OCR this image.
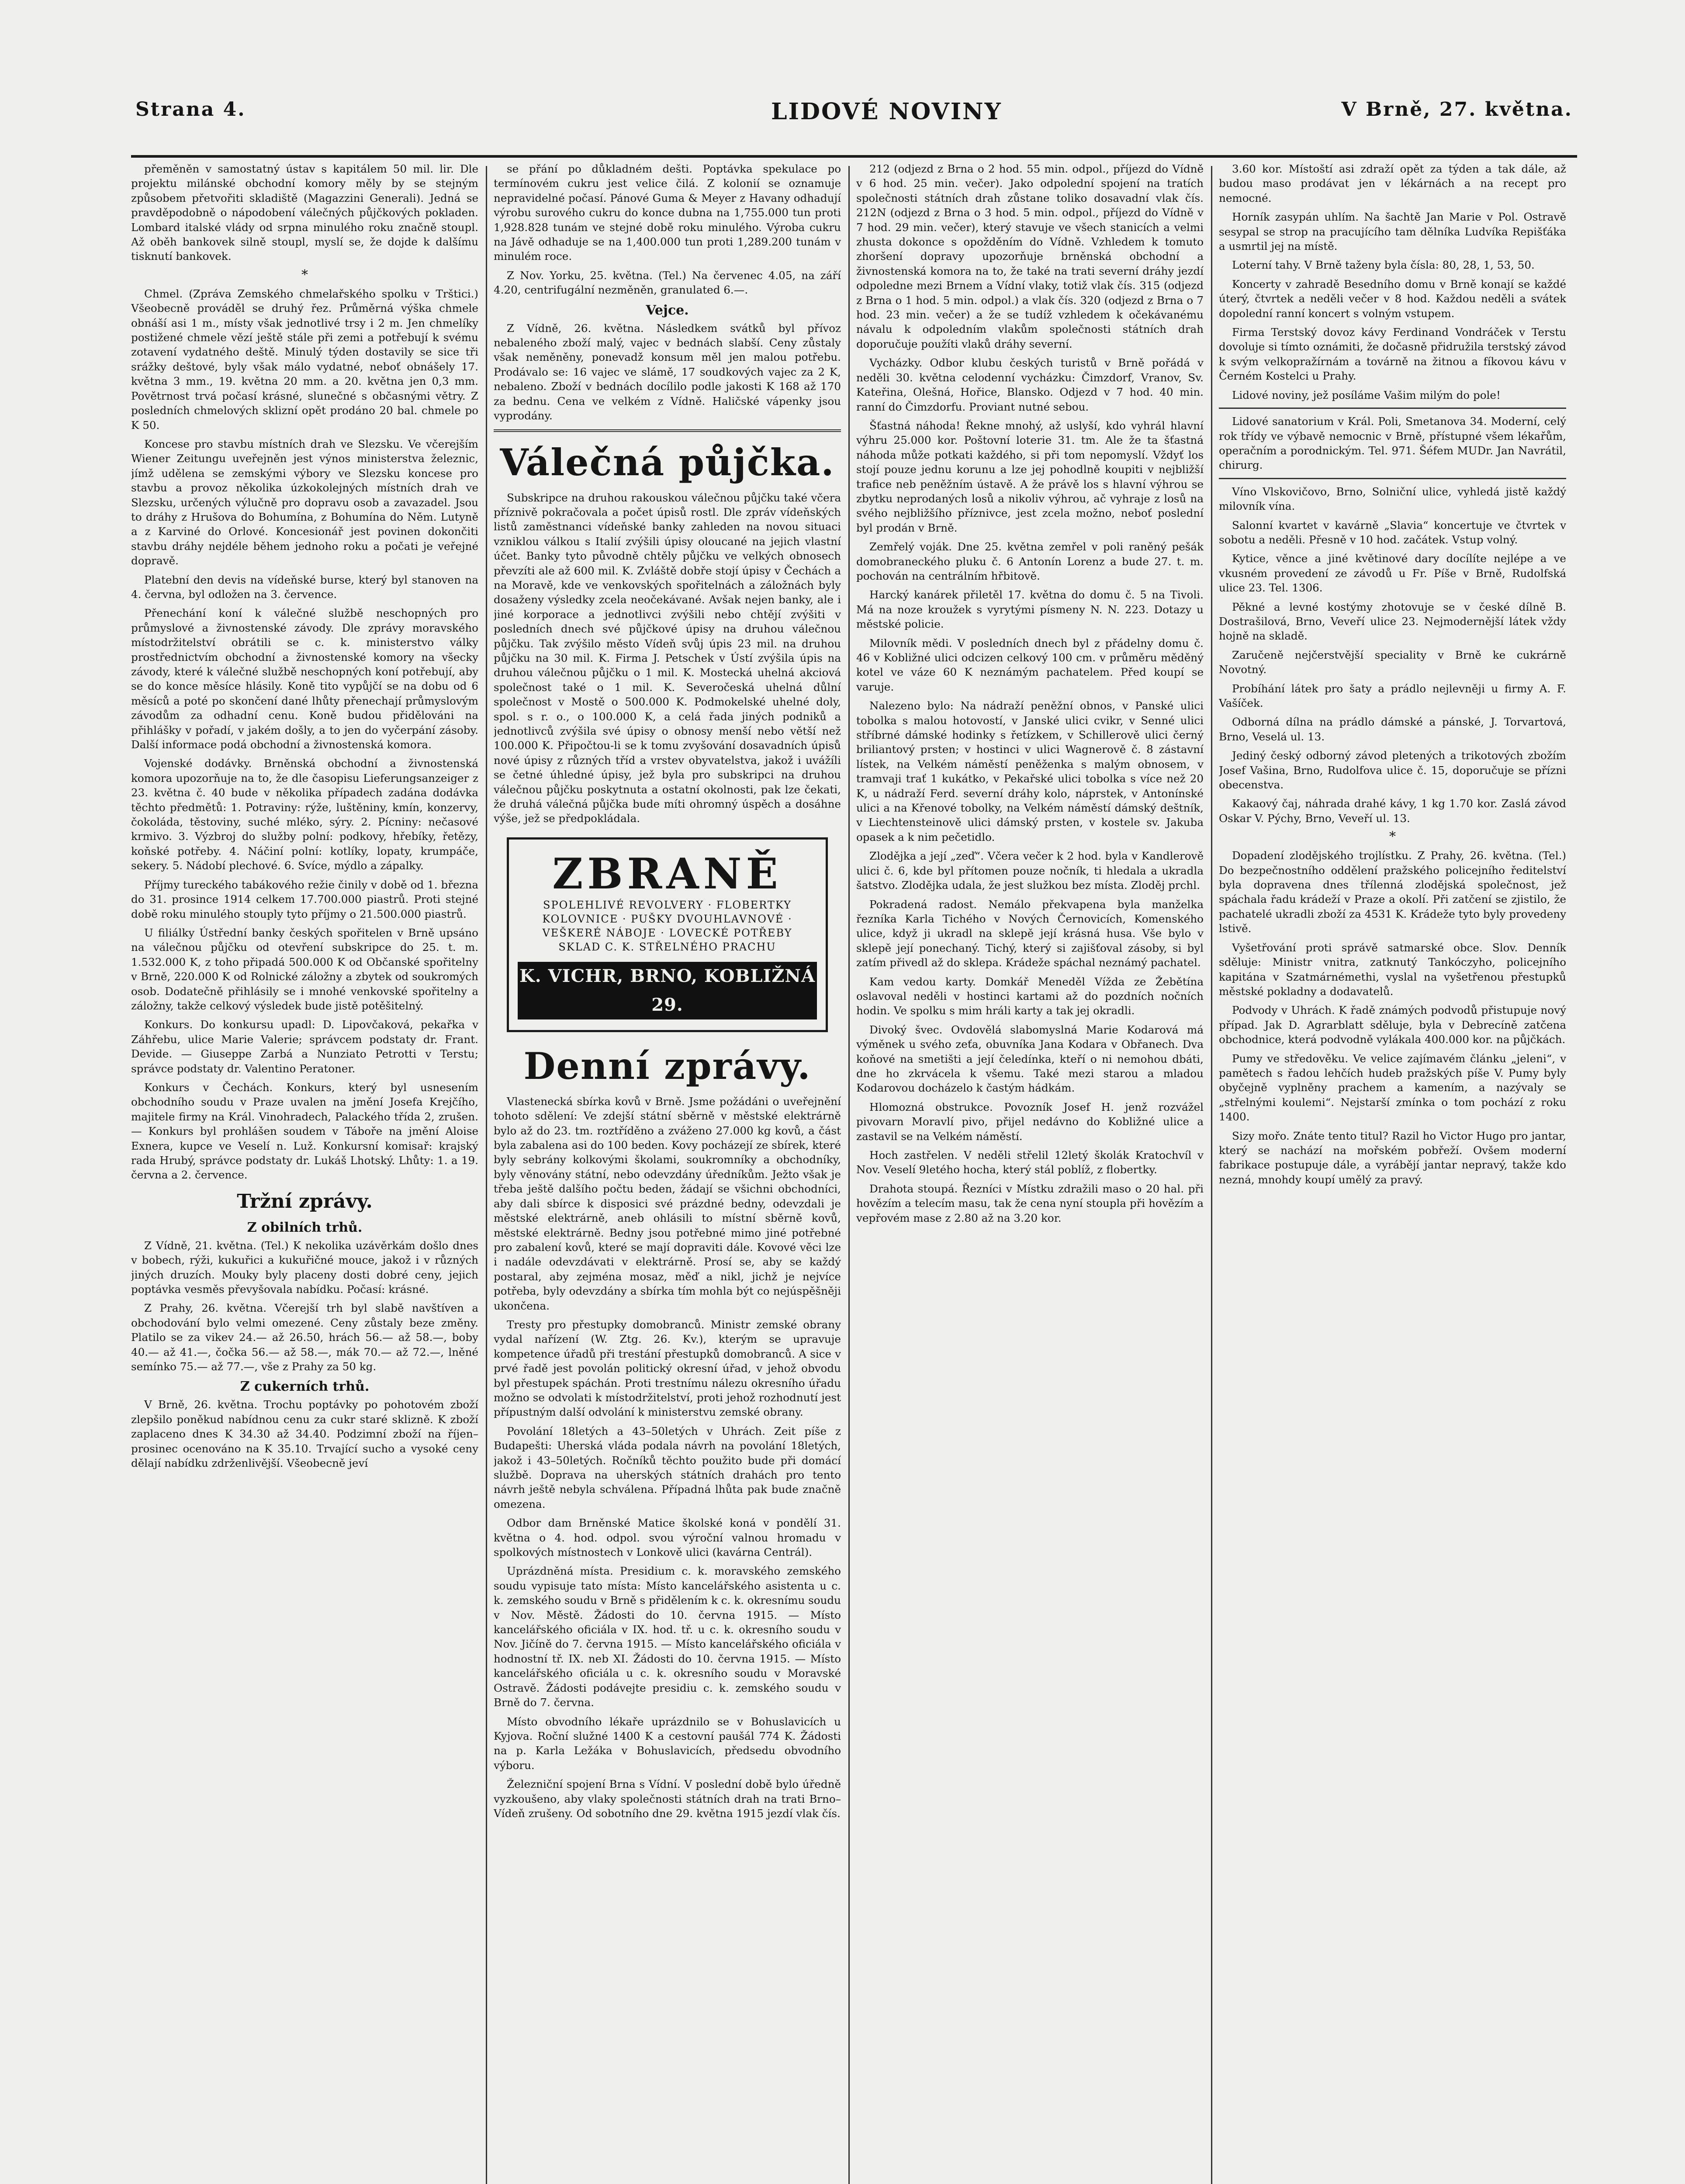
Strana 4.	LIDOVÉ NOVINY	V Brně, 27. května.

přeměněn v samostatný ústav s kapitálem 50 mil. lir. Dle projektu milánské obchodní komory měly by se stejným způsobem přetvořiti skladiště (Magazzini Generali). Jedná se pravděpodobně o nápodobení válečných půjčkových pokladen. Lombard italské vlády od srpna minulého roku značně stoupl. Až oběh bankovek silně stoupl, myslí se, že dojde k dalšímu tisknutí bankovek.

*

Chmel. (Zpráva Zemského chmelařského spolku v Trštici.) Všeobecně prováděl se druhý řez. Průměrná výška chmele obnáší asi 1 m., místy však jednotlivé trsy i 2 m. Jen chmelíky postižené chmele vězí ještě stále při zemi a potřebují k svému zotavení vydatného deště. Minulý týden dostavily se sice tři srážky deštové, byly však málo vydatné, neboť obnášely 17. května 3 mm., 19. května 20 mm. a 20. května jen 0,3 mm. Povětrnost trvá počasí krásné, slunečné s občasnými větry. Z posledních chmelových sklizní opět prodáno 20 bal. chmele po K 50.

Koncese pro stavbu místních drah ve Slezsku. Ve včerejším Wiener Zeitungu uveřejněn jest výnos ministerstva železnic, jímž udělena se zemskými výbory ve Slezsku koncese pro stavbu a provoz několika úzkokolejných místních drah ve Slezsku, určených výlučně pro dopravu osob a zavazadel. Jsou to dráhy z Hrušova do Bohumína, z Bohumína do Něm. Lutyně a z Karviné do Orlové. Koncesionář jest povinen dokončiti stavbu dráhy nejdéle během jednoho roku a počati je veřejné dopravě.

Platební den devis na vídeňské burse, který byl stanoven na 4. června, byl odložen na 3. července.

Přenechání koní k válečné službě neschopných pro průmyslové a živnostenské závody. Dle zprávy moravského místodržitelství obrátili se c. k. ministerstvo války prostřednictvím obchodní a živnostenské komory na všecky závody, které k válečné službě neschopných koní potřebují, aby se do konce měsíce hlásily. Koně tito vypůjčí se na dobu od 6 měsíců a poté po skončení dané lhůty přenechají průmyslovým závodům za odhadní cenu. Koně budou přidělováni na přihlášky v pořadí, v jakém došly, a to jen do vyčerpání zásoby. Další informace podá obchodní a živnostenská komora.

Vojenské dodávky. Brněnská obchodní a živnostenská komora upozorňuje na to, že dle časopisu Lieferungsanzeiger z 23. května č. 40 bude v několika případech zadána dodávka těchto předmětů: 1. Potraviny: rýže, luštěniny, kmín, konzervy, čokoláda, těstoviny, suché mléko, sýry. 2. Pícniny: nečasové krmivo. 3. Výzbroj do služby polní: podkovy, hřebíky, řetězy, koňské potřeby. 4. Náčiní polní: kotlíky, lopaty, krumpáče, sekery. 5. Nádobí plechové. 6. Svíce, mýdlo a zápalky.

Příjmy tureckého tabákového režie činily v době od 1. března do 31. prosince 1914 celkem 17.700.000 piastrů. Proti stejné době roku minulého stouply tyto příjmy o 21.500.000 piastrů.

U filiálky Ústřední banky českých spořitelen v Brně upsáno na válečnou půjčku od otevření subskripce do 25. t. m. 1.532.000 K, z toho připadá 500.000 K od Občanské spořitelny v Brně, 220.000 K od Rolnické záložny a zbytek od soukromých osob. Dodatečně přihlásily se i mnohé venkovské spořitelny a záložny, takže celkový výsledek bude jistě potěšitelný.

Konkurs. Do konkursu upadl: D. Lipovčaková, pekařka v Záhřebu, ulice Marie Valerie; správcem podstaty dr. Frant. Devide. — Giuseppe Zarbá a Nunziato Petrotti v Terstu; správce podstaty dr. Valentino Peratoner.

Konkurs v Čechách. Konkurs, který byl usnesením obchodního soudu v Praze uvalen na jmění Josefa Krejčího, majitele firmy na Král. Vinohradech, Palackého třída 2, zrušen. — Konkurs byl prohlášen soudem v Táboře na jmění Aloise Exnera, kupce ve Veselí n. Luž. Konkursní komisař: krajský rada Hrubý, správce podstaty dr. Lukáš Lhotský. Lhůty: 1. a 19. června a 2. července.

Tržní zprávy.
Z obilních trhů.

Z Vídně, 21. května. (Tel.) K nekolika uzávěrkám došlo dnes v bobech, rýži, kukuřici a kukuřičné mouce, jakož i v různých jiných druzích. Mouky byly placeny dosti dobré ceny, jejich poptávka vesměs převyšovala nabídku. Počasí: krásné.

Z Prahy, 26. května. Včerejší trh byl slabě navštíven a obchodování bylo velmi omezené. Ceny zůstaly beze změny. Platilo se za vikev 24.— až 26.50, hrách 56.— až 58.—, boby 40.— až 41.—, čočka 56.— až 58.—, mák 70.— až 72.—, lněné semínko 75.— až 77.—, vše z Prahy za 50 kg.

Z cukerních trhů.

V Brně, 26. května. Trochu poptávky po pohotovém zboží zlepšilo poněkud nabídnou cenu za cukr staré sklizně. K zboží zaplaceno dnes K 34.30 až 34.40. Podzimní zboží na říjen–prosinec ocenováno na K 35.10. Trvající sucho a vysoké ceny dělají nabídku zdrženlivější. Všeobecně jeví

se přání po důkladném dešti. Poptávka spekulace po termínovém cukru jest velice čilá. Z kolonií se oznamuje nepravidelné počasí. Pánové Guma & Meyer z Havany odhadují výrobu surového cukru do konce dubna na 1,755.000 tun proti 1,928.828 tunám ve stejné době roku minulého. Výroba cukru na Jávě odhaduje se na 1,400.000 tun proti 1,289.200 tunám v minulém roce.

Z Nov. Yorku, 25. května. (Tel.) Na červenec 4.05, na září 4.20, centrifugální nezměněn, granulated 6.—.

Vejce.

Z Vídně, 26. května. Následkem svátků byl přívoz nebaleného zboží malý, vajec v bednách slabší. Ceny zůstaly však neměněny, ponevadž konsum měl jen malou potřebu. Prodávalo se: 16 vajec ve slámě, 17 soudkových vajec za 2 K, nebaleno. Zboží v bednách docílilo podle jakosti K 168 až 170 za bednu. Cena ve velkém z Vídně. Haličské vápenky jsou vyprodány.

Válečná půjčka.

Subskripce na druhou rakouskou válečnou půjčku také včera příznivě pokračovala a počet úpisů rostl. Dle zpráv vídeňských listů zaměstnanci vídeňské banky zahleden na novou situaci vzniklou válkou s Italií zvýšili úpisy oloucané na jejich vlastní účet. Banky tyto původně chtěly půjčku ve velkých obnosech převzíti ale až 600 mil. K. Zvláště dobře stojí úpisy v Čechách a na Moravě, kde ve venkovských spořitelnách a záložnách byly dosaženy výsledky zcela neočekávané. Avšak nejen banky, ale i jiné korporace a jednotlivci zvýšili nebo chtějí zvýšiti v posledních dnech své půjčkové úpisy na druhou válečnou půjčku. Tak zvýšilo město Vídeň svůj úpis 23 mil. na druhou půjčku na 30 mil. K. Firma J. Petschek v Ústí zvýšila úpis na druhou válečnou půjčku o 1 mil. K. Mostecká uhelná akciová společnost také o 1 mil. K. Severočeská uhelná důlní společnost v Mostě o 500.000 K. Podmokelské uhelné doly, spol. s r. o., o 100.000 K, a celá řada jiných podniků a jednotlivců zvýšila své úpisy o obnosy menší nebo větší než 100.000 K. Připočtou-li se k tomu zvyšování dosavadních úpisů nové úpisy z různých tříd a vrstev obyvatelstva, jakož i uvážíli se četné úhledné úpisy, jež byla pro subskripci na druhou válečnou půjčku poskytnuta a ostatní okolnosti, pak lze čekati, že druhá válečná půjčka bude míti ohromný úspěch a dosáhne výše, jež se předpokládala.

ZBRANĚ
SPOLEHLIVÉ REVOLVERY · FLOBERTKY
KOLOVNICE · PUŠKY DVOUHLAVNOVÉ ·
VEŠKERÉ NÁBOJE · LOVECKÉ POTŘEBY
SKLAD C. K. STŘELNÉHO PRACHU
K. VICHR, BRNO, KOBLIŽNÁ 29.
Denní zprávy.

Vlastenecká sbírka kovů v Brně. Jsme požádáni o uveřejnění tohoto sdělení: Ve zdejší státní sběrně v městské elektrárně bylo až do 23. tm. roztříděno a zváženo 27.000 kg kovů, a část byla zabalena asi do 100 beden. Kovy pocházejí ze sbírek, které byly sebrány kolkovými školami, soukromníky a obchodníky, byly věnovány státní, nebo odevzdány úředníkům. Ježto však je třeba ještě dalšího počtu beden, žádají se všichni obchodníci, aby dali sbírce k disposici své prázdné bedny, odevzdali je městské elektrárně, aneb ohlásili to místní sběrně kovů, městské elektrárně. Bedny jsou potřebné mimo jiné potřebné pro zabalení kovů, které se mají dopraviti dále. Kovové věci lze i nadále odevzdávati v elektrárně. Prosí se, aby se každý postaral, aby zejména mosaz, měď a nikl, jichž je nejvíce potřeba, byly odevzdány a sbírka tím mohla být co nejúspěšněji ukončena.

Tresty pro přestupky domobranců. Ministr zemské obrany vydal nařízení (W. Ztg. 26. Kv.), kterým se upravuje kompetence úřadů při trestání přestupků domobranců. A sice v prvé řadě jest povolán politický okresní úřad, v jehož obvodu byl přestupek spáchán. Proti trestnímu nálezu okresního úřadu možno se odvolati k místodržitelství, proti jehož rozhodnutí jest přípustným další odvolání k ministerstvu zemské obrany.

Povolání 18letých a 43–50letých v Uhrách. Zeit píše z Budapešti: Uherská vláda podala návrh na povolání 18letých, jakož i 43–50letých. Ročníků těchto použito bude při domácí službě. Doprava na uherských státních drahách pro tento návrh ještě nebyla schválena. Případná lhůta pak bude značně omezena.

Odbor dam Brněnské Matice školské koná v pondělí 31. května o 4. hod. odpol. svou výroční valnou hromadu v spolkových místnostech v Lonkově ulici (kavárna Centrál).

Uprázdněná místa. Presidium c. k. moravského zemského soudu vypisuje tato místa: Místo kancelářského asistenta u c. k. zemského soudu v Brně s přidělením k c. k. okresnímu soudu v Nov. Městě. Žádosti do 10. června 1915. — Místo kancelářského oficiála v IX. hod. tř. u c. k. okresního soudu v Nov. Jičíně do 7. června 1915. — Místo kancelářského oficiála v hodnostní tř. IX. neb XI. Žádosti do 10. června 1915. — Místo kancelářského oficiála u c. k. okresního soudu v Moravské Ostravě. Žádosti podávejte presidiu c. k. zemského soudu v Brně do 7. června.

Místo obvodního lékaře uprázdnilo se v Bohuslavicích u Kyjova. Roční služné 1400 K a cestovní paušál 774 K. Žádosti na p. Karla Ležáka v Bohuslavicích, předsedu obvodního výboru.

Železniční spojení Brna s Vídní. V poslední době bylo úředně vyzkoušeno, aby vlaky společnosti státních drah na trati Brno–Vídeň zrušeny. Od sobotního dne 29. května 1915 jezdí vlak čís.

212 (odjezd z Brna o 2 hod. 55 min. odpol., příjezd do Vídně v 6 hod. 25 min. večer). Jako odpolední spojení na tratích společnosti státních drah zůstane toliko dosavadní vlak čís. 212N (odjezd z Brna o 3 hod. 5 min. odpol., příjezd do Vídně v 7 hod. 29 min. večer), který stavuje ve všech stanicích a velmi zhusta dokonce s opožděním do Vídně. Vzhledem k tomuto zhoršení dopravy upozorňuje brněnská obchodní a živnostenská komora na to, že také na trati severní dráhy jezdí odpoledne mezi Brnem a Vídní vlaky, totiž vlak čís. 315 (odjezd z Brna o 1 hod. 5 min. odpol.) a vlak čís. 320 (odjezd z Brna o 7 hod. 23 min. večer) a že se tudíž vzhledem k očekávanému návalu k odpoledním vlakům společnosti státních drah doporučuje použíti vlaků dráhy severní.

Vycházky. Odbor klubu českých turistů v Brně pořádá v neděli 30. května celodenní vycházku: Čimzdorf, Vranov, Sv. Kateřina, Olešná, Hořice, Blansko. Odjezd v 7 hod. 40 min. ranní do Čimzdorfu. Proviant nutné sebou.

Šťastná náhoda! Řekne mnohý, až uslyší, kdo vyhrál hlavní výhru 25.000 kor. Poštovní loterie 31. tm. Ale že ta šťastná náhoda může potkati každého, si při tom nepomyslí. Vždyť los stojí pouze jednu korunu a lze jej pohodlně koupiti v nejbližší trafice neb peněžním ústavě. A že právě los s hlavní výhrou se zbytku neprodaných losů a nikoliv výhrou, ač vyhraje z losů na svého nejbližšího příznivce, jest zcela možno, neboť poslední byl prodán v Brně.

Zemřelý voják. Dne 25. května zemřel v poli raněný pešák domobraneckého pluku č. 6 Antonín Lorenz a bude 27. t. m. pochován na centrálním hřbitově.

Harcký kanárek přiletěl 17. května do domu č. 5 na Tivoli. Má na noze kroužek s vyrytými písmeny N. N. 223. Dotazy u městské policie.

Milovník mědi. V posledních dnech byl z přádelny domu č. 46 v Kobližné ulici odcizen celkový 100 cm. v průměru měděný kotel ve váze 60 K neznámým pachatelem. Před koupí se varuje.

Nalezeno bylo: Na nádraží peněžní obnos, v Panské ulici tobolka s malou hotovostí, v Janské ulici cvikr, v Senné ulici stříbrné dámské hodinky s řetízkem, v Schillerově ulici černý briliantový prsten; v hostinci v ulici Wagnerově č. 8 zástavní lístek, na Velkém náměstí peněženka s malým obnosem, v tramvaji trať 1 kukátko, v Pekařské ulici tobolka s více než 20 K, u nádraží Ferd. severní dráhy kolo, náprstek, v Antonínské ulici a na Křenové tobolky, na Velkém náměstí dámský deštník, v Liechtensteinově ulici dámský prsten, v kostele sv. Jakuba opasek a k nim pečetidlo.

Zlodějka a její „zeď“. Včera večer k 2 hod. byla v Kandlerově ulici č. 6, kde byl přítomen pouze nočník, ti hledala a ukradla šatstvo. Zlodějka udala, že jest služkou bez místa. Zloděj prchl.

Pokradená radost. Nemálo překvapena byla manželka řezníka Karla Tichého v Nových Černovicích, Komenského ulice, když ji ukradl na sklepě její krásná husa. Vše bylo v sklepě její ponechaný. Tichý, který si zajišťoval zásoby, si byl zatím přivedl až do sklepa. Krádeže spáchal neznámý pachatel.

Kam vedou karty. Domkář Meneděl Vížda ze Žebětína oslavoval neděli v hostinci kartami až do pozdních nočních hodin. Ve spolku s mim hráli karty a tak jej okradli.

Divoký švec. Ovdovělá slabomyslná Marie Kodarová má výměnek u svého zeťa, obuvníka Jana Kodara v Obřanech. Dva koňové na smetišti a její čeledínka, kteří o ni nemohou dbáti, dne ho zkrvácela k všemu. Také mezi starou a mladou Kodarovou docházelo k častým hádkám.

Hlomozná obstrukce. Povozník Josef H. jenž rozvážel pivovarn Moravlí pivo, přijel nedávno do Kobližné ulice a zastavil se na Velkém náměstí.

Hoch zastřelen. V neděli střelil 12letý školák Kratochvíl v Nov. Veselí 9letého hocha, který stál poblíž, z flobertky.

Drahota stoupá. Řezníci v Místku zdražili maso o 20 hal. při hovězím a telecím masu, tak že cena nyní stoupla při hovězím a vepřovém mase z 2.80 až na 3.20 kor.

3.60 kor. Místoští asi zdraží opět za týden a tak dále, až budou maso prodávat jen v lékárnách a na recept pro nemocné.

Horník zasypán uhlím. Na šachtě Jan Marie v Pol. Ostravě sesypal se strop na pracujícího tam dělníka Ludvíka Repišťáka a usmrtil jej na místě.

Loterní tahy. V Brně taženy byla čísla: 80, 28, 1, 53, 50.

Koncerty v zahradě Besedního domu v Brně konají se každé úterý, čtvrtek a neděli večer v 8 hod. Každou neděli a svátek dopolední ranní koncert s volným vstupem.

Firma Terstský dovoz kávy Ferdinand Vondráček v Terstu dovoluje si tímto oznámiti, že dočasně přidružila terstský závod k svým velkopražírnám a továrně na žitnou a fíkovou kávu v Černém Kostelci u Prahy.

Lidové noviny, jež posíláme Vašim milým do pole!

Lidové sanatorium v Král. Poli, Smetanova 34. Moderní, celý rok třídy ve výbavě nemocnic v Brně, přístupné všem lékařům, operačním a porodnickým. Tel. 971. Šéfem MUDr. Jan Navrátil, chirurg.

Víno Vlskovičovo, Brno, Solniční ulice, vyhledá jistě každý milovník vína.

Salonní kvartet v kavárně „Slavia“ koncertuje ve čtvrtek v sobotu a neděli. Přesně v 10 hod. začátek. Vstup volný.

Kytice, věnce a jiné květinové dary docílíte nejlépe a ve vkusném provedení ze závodů u Fr. Píše v Brně, Rudolfská ulice 23. Tel. 1306.

Pěkné a levné kostýmy zhotovuje se v české dílně B. Dostrašilová, Brno, Veveří ulice 23. Nejmodernější látek vždy hojně na skladě.

Zaručeně nejčerstvější speciality v Brně ke cukrárně Novotný.

Probíhání látek pro šaty a prádlo nejlevněji u firmy A. F. Vašíček.

Odborná dílna na prádlo dámské a pánské, J. Torvartová, Brno, Veselá ul. 13.

Jediný český odborný závod pletených a trikotových zbožím Josef Vašina, Brno, Rudolfova ulice č. 15, doporučuje se přízni obecenstva.

Kakaový čaj, náhrada drahé kávy, 1 kg 1.70 kor. Zaslá závod Oskar V. Pýchy, Brno, Veveří ul. 13.

*

Dopadení zlodějského trojlístku. Z Prahy, 26. května. (Tel.) Do bezpečnostního oddělení pražského policejního ředitelství byla dopravena dnes třílenná zlodějská společnost, jež spáchala řadu krádeží v Praze a okolí. Při zatčení se zjistilo, že pachatelé ukradli zboží za 4531 K. Krádeže tyto byly provedeny lstivě.

Vyšetřování proti správě satmarské obce. Slov. Denník sděluje: Ministr vnitra, zatknutý Tankóczyho, policejního kapitána v Szatmárnémethi, vyslal na vyšetřenou přestupků městské pokladny a dodavatelů.

Podvody v Uhrách. K řadě známých podvodů přistupuje nový případ. Jak D. Agrarblatt sděluje, byla v Debrecíně zatčena obchodnice, která podvodně vylákala 400.000 kor. na půjčkách.

Pumy ve středověku. Ve velice zajímavém článku „jeleni“, v pamětech s řadou lehčích hudeb pražských píše V. Pumy byly obyčejně vyplněny prachem a kamením, a nazývaly se „střelnými koulemi“. Nejstarší zmínka o tom pochází z roku 1400.

Sizy mořo. Znáte tento titul? Razil ho Victor Hugo pro jantar, který se nachází na mořském pobřeží. Ovšem moderní fabrikace postupuje dále, a vyrábějí jantar nepravý, takže kdo nezná, mnohdy koupí umělý za pravý.
